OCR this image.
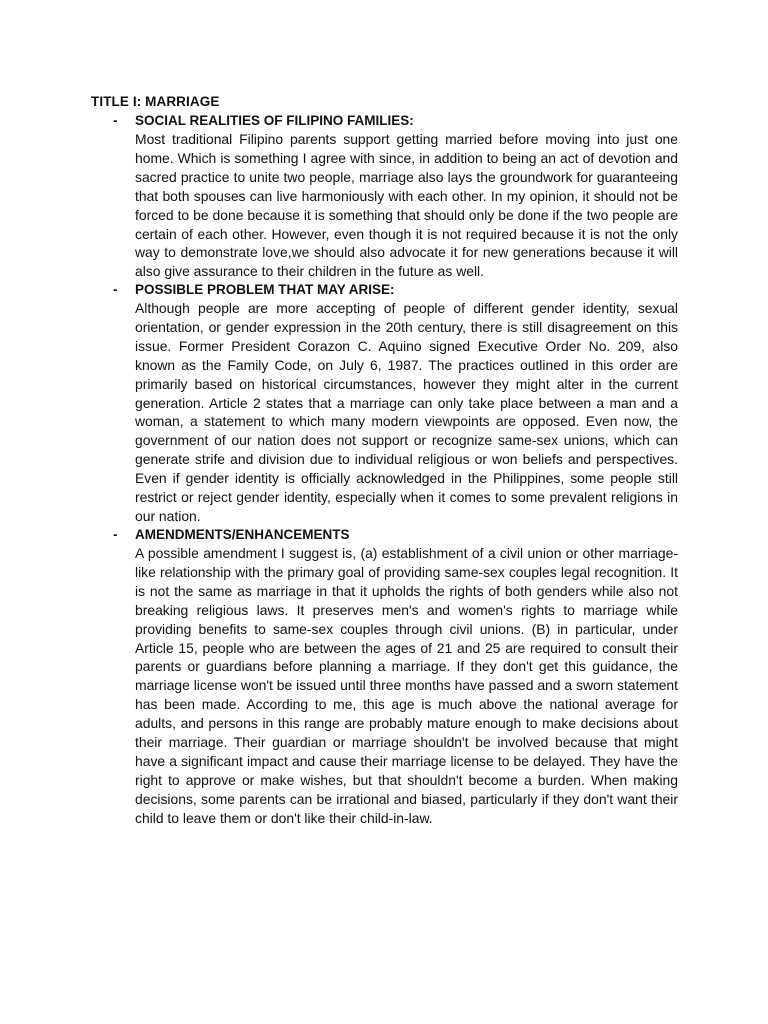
TITLE I: MARRIAGE
- SOCIAL REALITIES OF FILIPINO FAMILIES:

Most traditional Filipino parents support getting married before moving into just one home. Which is something I agree with since, in addition to being an act of devotion and sacred practice to unite two people, marriage also lays the groundwork for guaranteeing that both spouses can live harmoniously with each other. In my opinion, it should not be forced to be done because it is something that should only be done if the two people are certain of each other. However, even though it is not required because it is not the only way to demonstrate love,we should also advocate it for new generations because it will also give assurance to their children in the future as well.

- POSSIBLE PROBLEM THAT MAY ARISE:

Although people are more accepting of people of different gender identity, sexual orientation, or gender expression in the 20th century, there is still disagreement on this issue. Former President Corazon C. Aquino signed Executive Order No. 209, also known as the Family Code, on July 6, 1987. The practices outlined in this order are primarily based on historical circumstances, however they might alter in the current generation. Article 2 states that a marriage can only take place between a man and a woman, a statement to which many modern viewpoints are opposed. Even now, the government of our nation does not support or recognize same-sex unions, which can generate strife and division due to individual religious or won beliefs and perspectives. Even if gender identity is officially acknowledged in the Philippines, some people still restrict or reject gender identity, especially when it comes to some prevalent religions in our nation.

- AMENDMENTS/ENHANCEMENTS

A possible amendment I suggest is, (a) establishment of a civil union or other marriage-like relationship with the primary goal of providing same-sex couples legal recognition. It is not the same as marriage in that it upholds the rights of both genders while also not breaking religious laws. It preserves men's and women's rights to marriage while providing benefits to same-sex couples through civil unions. (B) in particular, under Article 15, people who are between the ages of 21 and 25 are required to consult their parents or guardians before planning a marriage. If they don't get this guidance, the marriage license won't be issued until three months have passed and a sworn statement has been made. According to me, this age is much above the national average for adults, and persons in this range are probably mature enough to make decisions about their marriage. Their guardian or marriage shouldn't be involved because that might have a significant impact and cause their marriage license to be delayed. They have the right to approve or make wishes, but that shouldn't become a burden. When making decisions, some parents can be irrational and biased, particularly if they don't want their child to leave them or don't like their child-in-law.
